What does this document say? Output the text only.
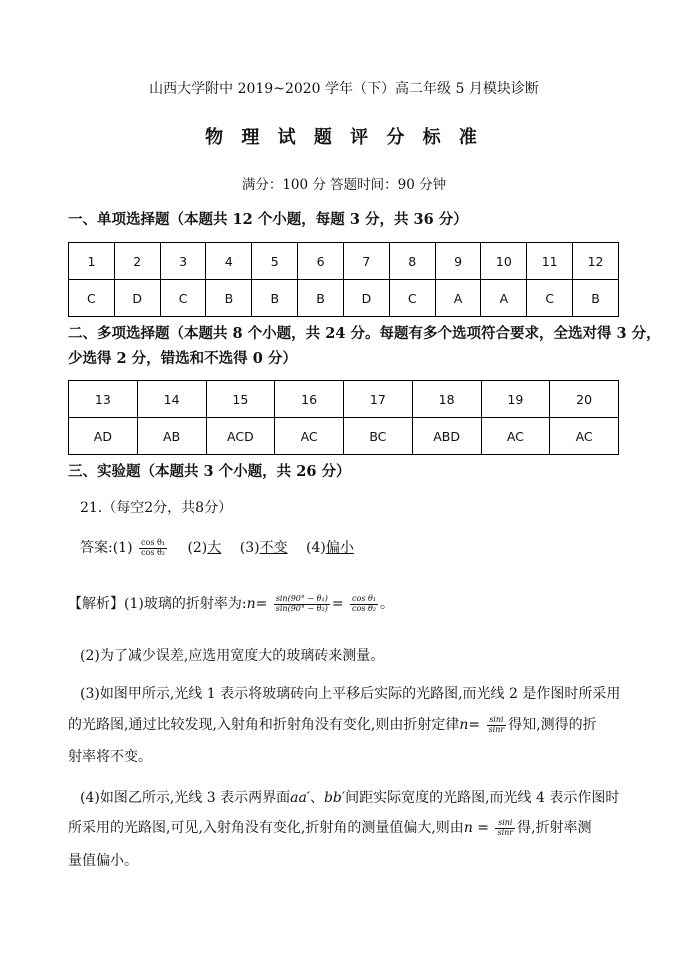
山西大学附中 2019~2020 学年（下）高二年级 5 月模块诊断
物 理 试 题 评 分 标 准
满分：100 分 答题时间：90 分钟
一、单项选择题（本题共 12 个小题，每题 3 分，共 36 分）
1	2	3	4	5	6	7	8	9	10	11	12
C	D	C	B	B	B	D	C	A	A	C	B
二、多项选择题（本题共 8 个小题，共 24 分。每题有多个选项符合要求，全选对得 3 分，
少选得 2 分，错选和不选得 0 分）
13	14	15	16	17	18	19	20
AD	AB	ACD	AC	BC	ABD	AC	AC
三、实验题（本题共 3 个小题，共 26 分）
21.（每空2分，共8分）
答案:(1) $\frac{\text{cos θ₁}}{\text{cos θ₂}} (2)$大 (3)不变 (4)偏小
【解析】(1)玻璃的折射率为:n= $\frac{\text{sin(90° − θ₁)}}{\text{sin(90° − θ₂)}} = \frac{\text{cos θ₁}}{\text{cos θ₂}}$ 。
(2)为了减少误差,应选用宽度大的玻璃砖来测量。
(3)如图甲所示,光线 1 表示将玻璃砖向上平移后实际的光路图,而光线 2 是作图时所采用
的光路图,通过比较发现,入射角和折射角没有变化,则由折射定律$n= \frac{\sin i}{\sin r}$ 得知,测得的折
射率将不变。
(4)如图乙所示,光线 3 表示两界面aa′、bb′间距实际宽度的光路图,而光线 4 表示作图时
所采用的光路图,可见,入射角没有变化,折射角的测量值偏大,则由$n = \frac{\sin i}{\sin r}$ 得,折射率测
量值偏小。
